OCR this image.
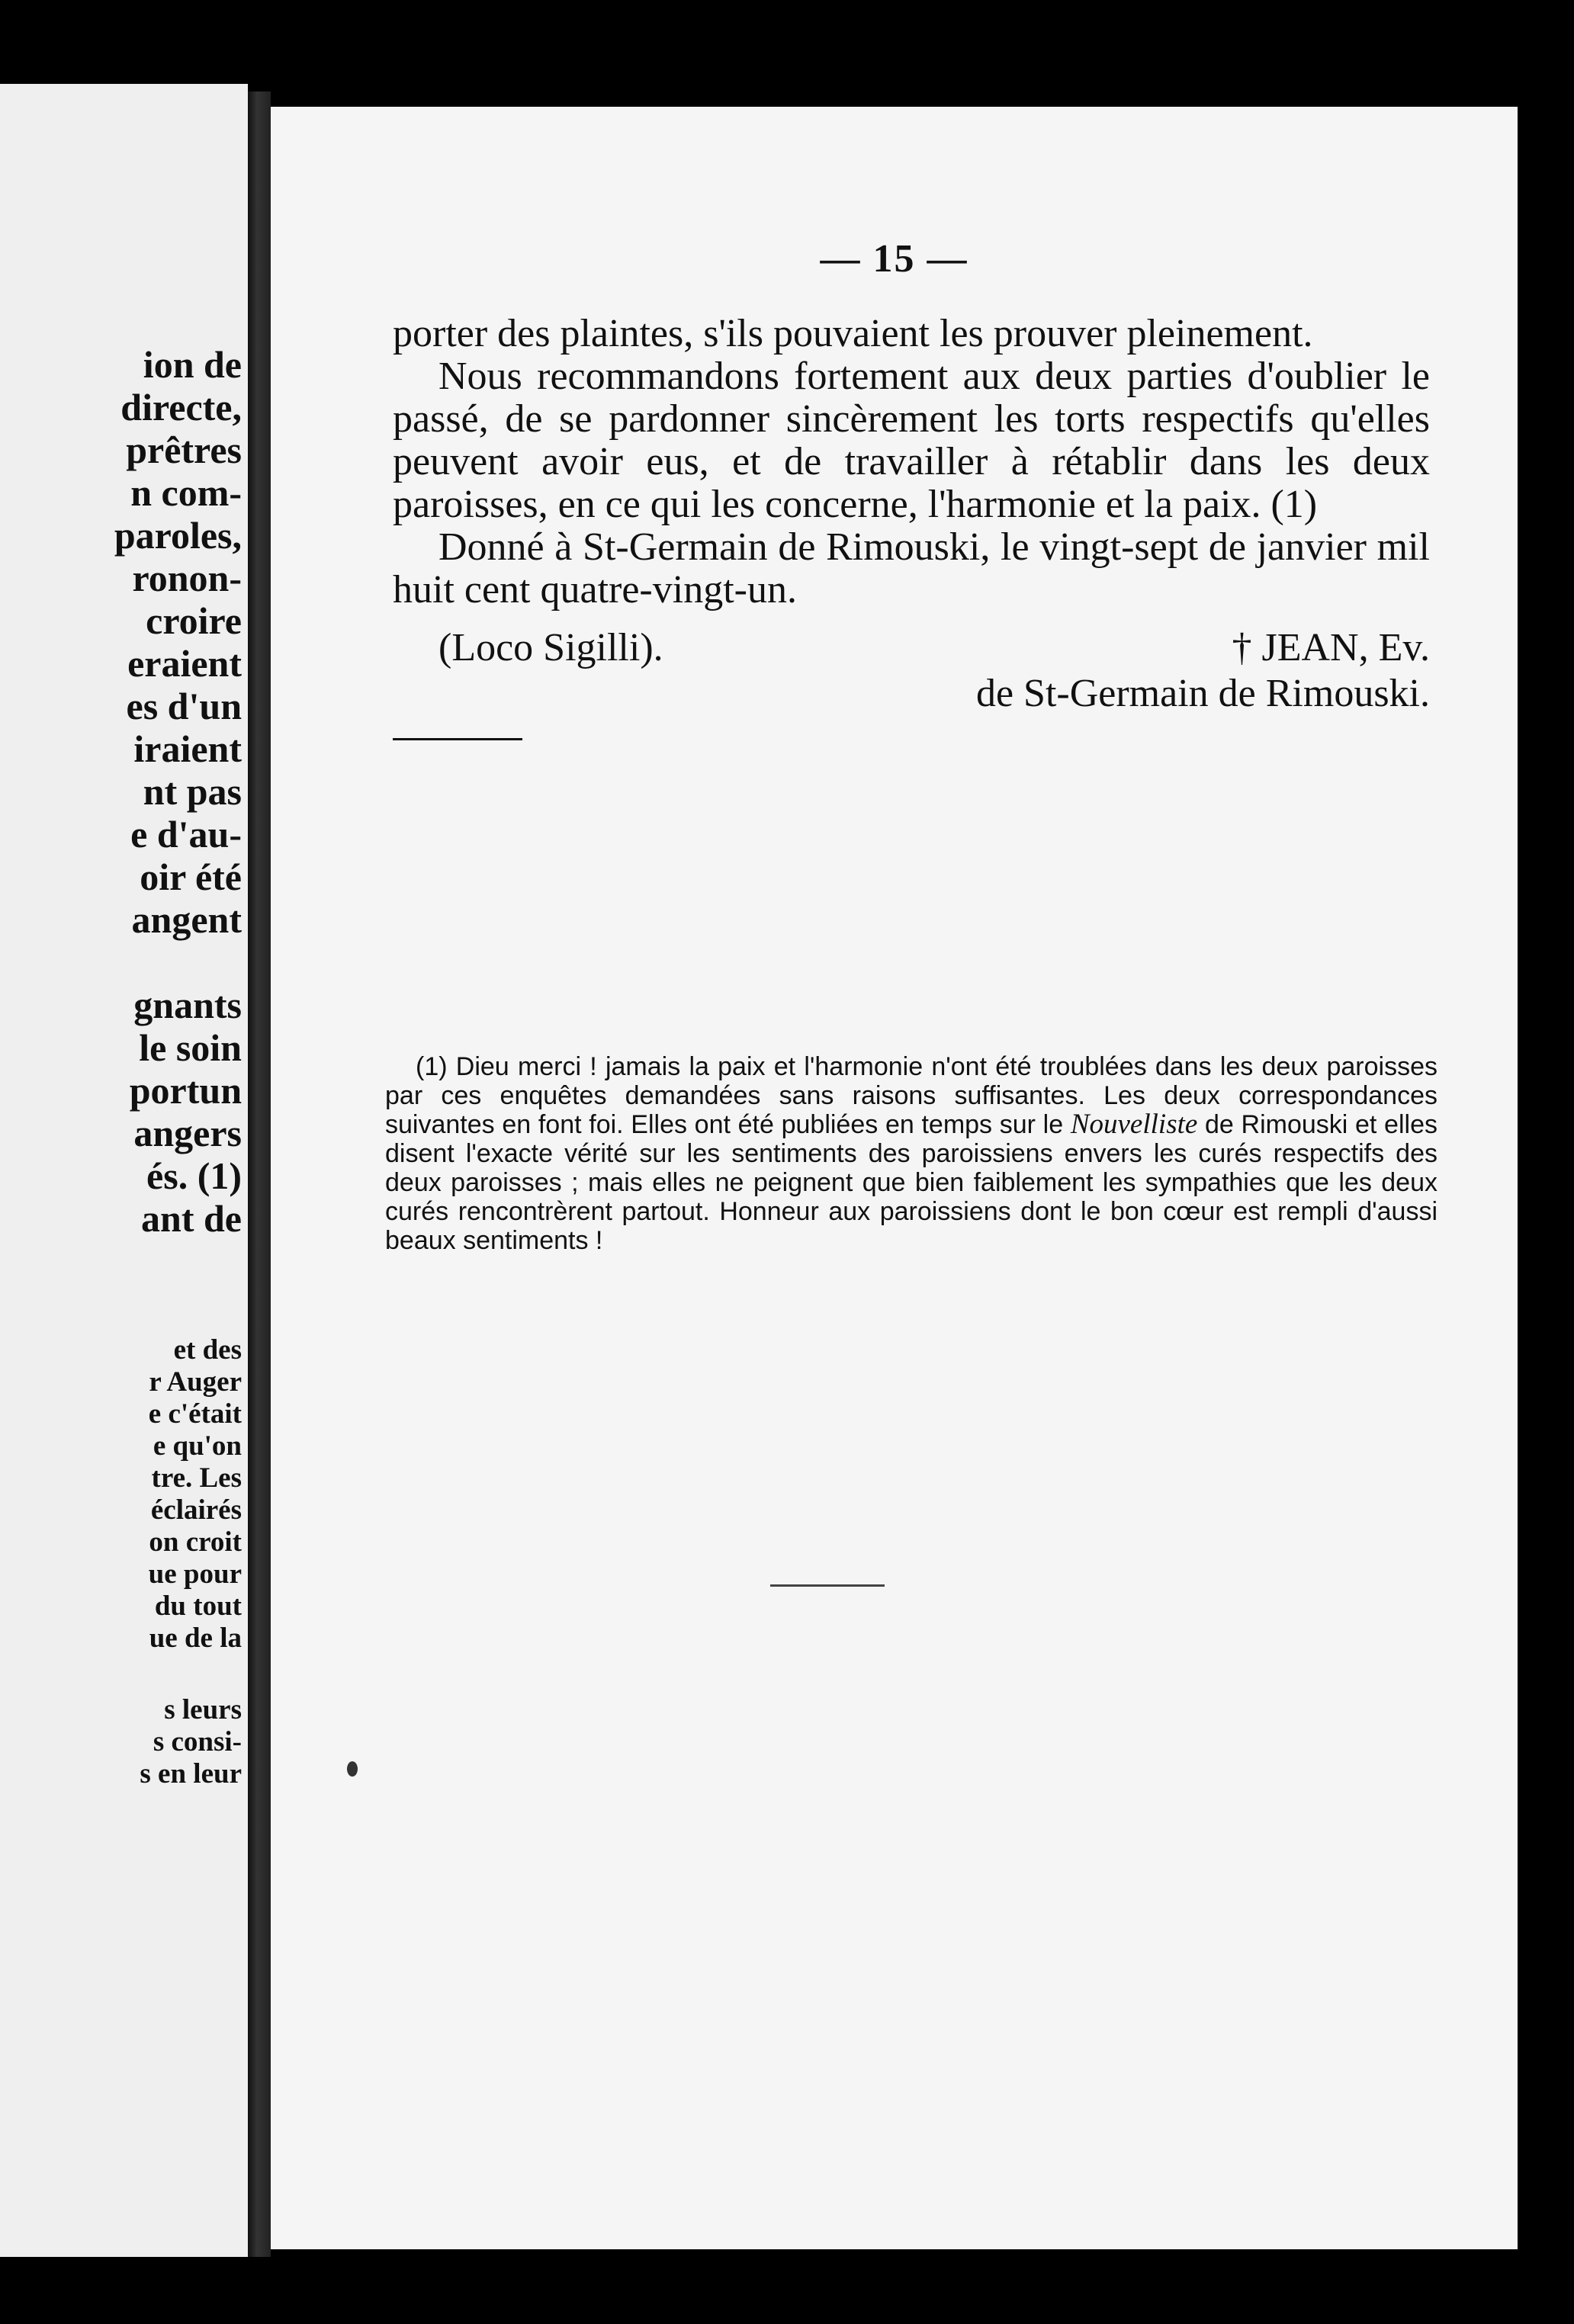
ion de
directe,
prêtres
n com-
paroles,
ronon-
croire
eraient
es d'un
iraient
nt pas
e d'au-
oir été
angent

gnants
le soin
portun
angers
és. (1)
ant de
et des
r Auger
e c'était
e qu'on
tre. Les
éclairés
on croit
ue pour
du tout
ue de la
s leurs
s consi-
s en leur
— 15 —

porter des plaintes, s'ils pouvaient les prouver pleinement.

Nous recommandons fortement aux deux parties d'oublier le passé, de se pardonner sincèrement les torts respectifs qu'elles peuvent avoir eus, et de travailler à rétablir dans les deux paroisses, en ce qui les concerne, l'harmonie et la paix. (1)

Donné à St-Germain de Rimouski, le vingt-sept de janvier mil huit cent quatre-vingt-un.

(Loco Sigilli).	† JEAN, Ev.

de St-Germain de Rimouski.

(1) Dieu merci ! jamais la paix et l'harmonie n'ont été troublées dans les deux paroisses par ces enquêtes demandées sans raisons suffisantes. Les deux correspondances suivantes en font foi. Elles ont été publiées en temps sur le Nouvelliste de Rimouski et elles disent l'exacte vérité sur les sentiments des paroissiens envers les curés respectifs des deux paroisses ; mais elles ne peignent que bien faiblement les sympathies que les deux curés rencontrèrent partout. Honneur aux paroissiens dont le bon cœur est rempli d'aussi beaux sentiments !
